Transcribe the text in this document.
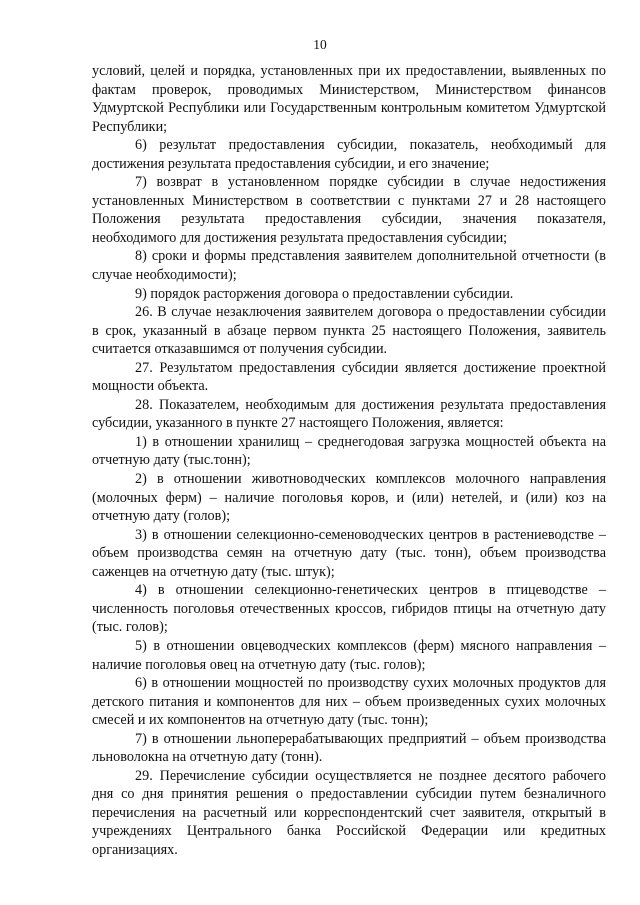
10

условий, целей и порядка, установленных при их предоставлении, выявленных по фактам проверок, проводимых Министерством, Министерством финансов Удмуртской Республики или Государственным контрольным комитетом Удмуртской Республики;

6) результат предоставления субсидии, показатель, необходимый для достижения результата предоставления субсидии, и его значение;

7) возврат в установленном порядке субсидии в случае недостижения установленных Министерством в соответствии с пунктами 27 и 28 настоящего Положения результата предоставления субсидии, значения показателя, необходимого для достижения результата предоставления субсидии;

8) сроки и формы представления заявителем дополнительной отчетности (в случае необходимости);

9) порядок расторжения договора о предоставлении субсидии.

26. В случае незаключения заявителем договора о предоставлении субсидии в срок, указанный в абзаце первом пункта 25 настоящего Положения, заявитель считается отказавшимся от получения субсидии.

27. Результатом предоставления субсидии является достижение проектной мощности объекта.

28. Показателем, необходимым для достижения результата предоставления субсидии, указанного в пункте 27 настоящего Положения, является:

1) в отношении хранилищ – среднегодовая загрузка мощностей объекта на отчетную дату (тыс.тонн);

2) в отношении животноводческих комплексов молочного направления (молочных ферм) – наличие поголовья коров, и (или) нетелей, и (или) коз на отчетную дату (голов);

3) в отношении селекционно-семеноводческих центров в растениеводстве – объем производства семян на отчетную дату (тыс. тонн), объем производства саженцев на отчетную дату (тыс. штук);

4) в отношении селекционно-генетических центров в птицеводстве – численность поголовья отечественных кроссов, гибридов птицы на отчетную дату (тыс. голов);

5) в отношении овцеводческих комплексов (ферм) мясного направления – наличие поголовья овец на отчетную дату (тыс. голов);

6) в отношении мощностей по производству сухих молочных продуктов для детского питания и компонентов для них – объем произведенных сухих молочных смесей и их компонентов на отчетную дату (тыс. тонн);

7) в отношении льноперерабатывающих предприятий – объем производства льноволокна на отчетную дату (тонн).

29. Перечисление субсидии осуществляется не позднее десятого рабочего дня со дня принятия решения о предоставлении субсидии путем безналичного перечисления на расчетный или корреспондентский счет заявителя, открытый в учреждениях Центрального банка Российской Федерации или кредитных организациях.
